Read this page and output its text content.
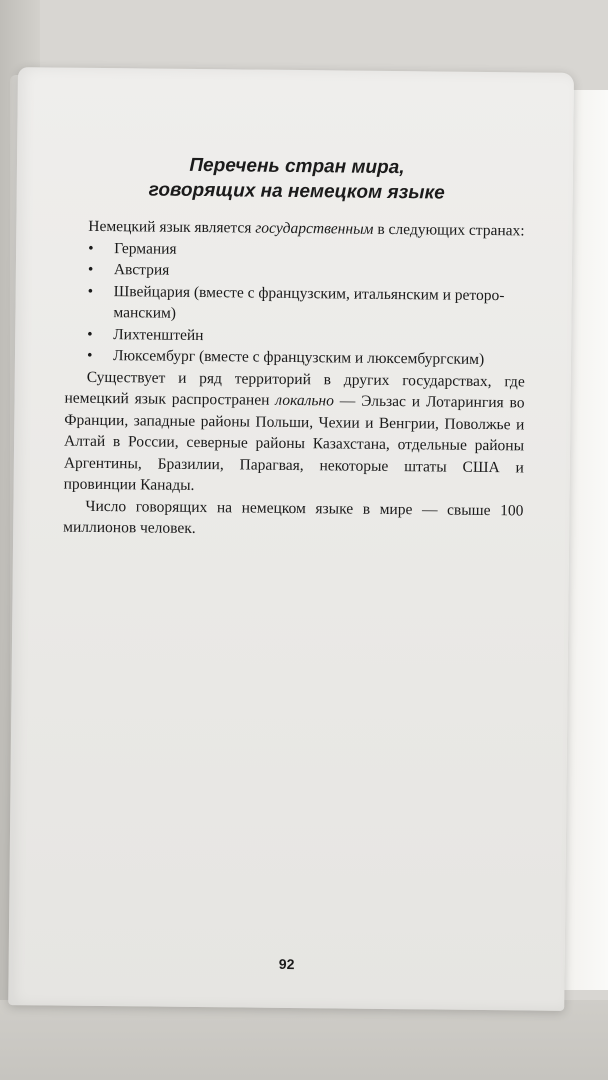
Перечень стран мира,
говорящих на немецком языке

Немецкий язык является государственным в следующих странах:

• Германия
• Австрия
• Швейцария (вместе с французским, итальянским и реторо-манским)
• Лихтенштейн
• Люксембург (вместе с французским и люксембургским)

Существует и ряд территорий в других государствах, где немецкий язык распространен локально — Эльзас и Лотарингия во Франции, западные районы Польши, Чехии и Венгрии, Поволжье и Алтай в России, северные районы Казахстана, отдельные районы Аргентины, Бразилии, Парагвая, некоторые штаты США и провинции Канады.

Число говорящих на немецком языке в мире — свыше 100 миллионов человек.

92
